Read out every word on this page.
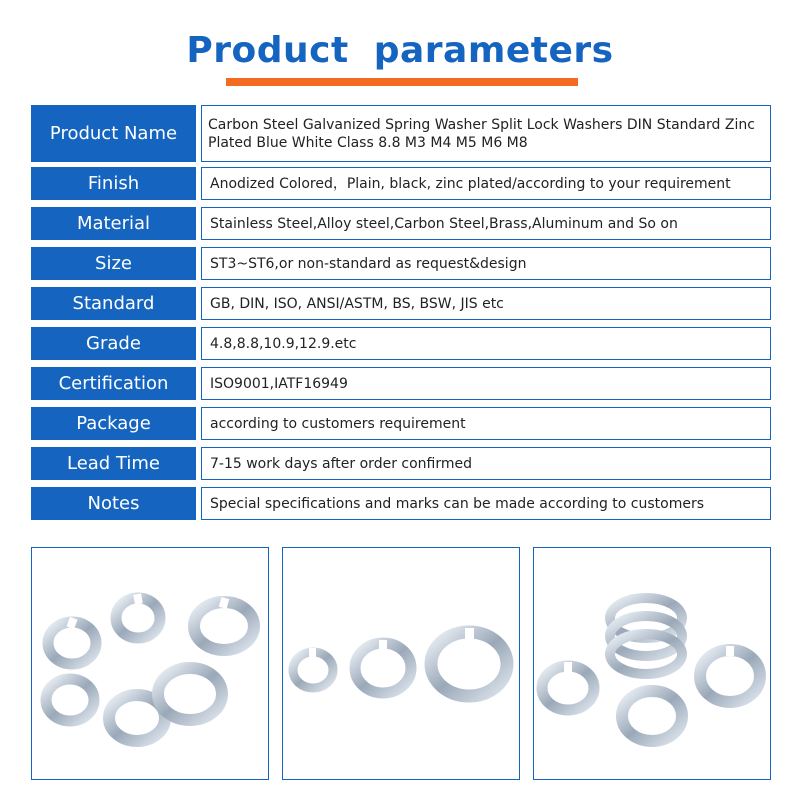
Product parameters
Product Name	Carbon Steel Galvanized Spring Washer Split Lock Washers DIN Standard Zinc Plated Blue White Class 8.8 M3 M4 M5 M6 M8
Finish	Anodized Colored，Plain, black, zinc plated/according to your requirement
Material	Stainless Steel,Alloy steel,Carbon Steel,Brass,Aluminum and So on
Size	ST3~ST6,or non-standard as request&design
Standard	GB, DIN, ISO, ANSI/ASTM, BS, BSW, JIS etc
Grade	4.8,8.8,10.9,12.9.etc
Certification	ISO9001,IATF16949
Package	according to customers requirement
Lead Time	7-15 work days after order confirmed
Notes	Special specifications and marks can be made according to customers
